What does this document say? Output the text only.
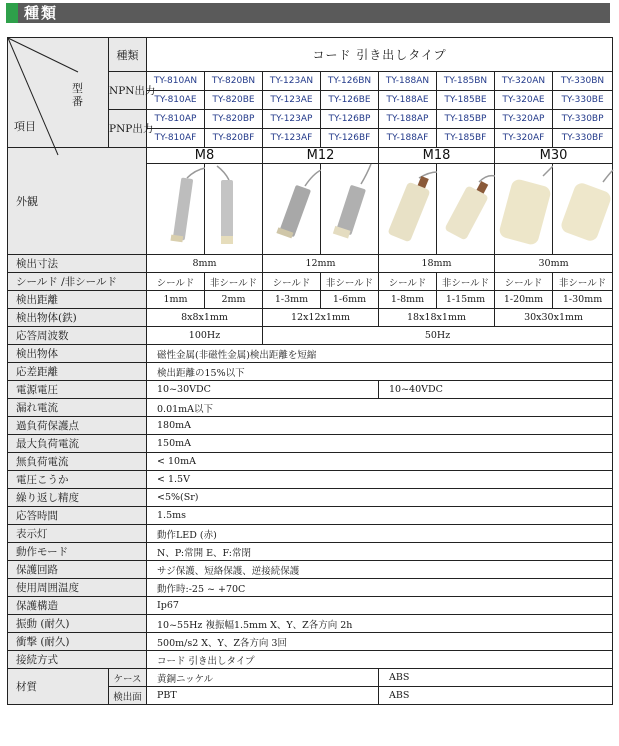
種類
型番
項目	種類	コード 引き出しタイプ							
	NPN出力	TY-810AN	TY-820BN	TY-123AN	TY-126BN	TY-188AN	TY-185BN	TY-320AN	TY-330BN
		TY-810AE	TY-820BE	TY-123AE	TY-126BE	TY-188AE	TY-185BE	TY-320AE	TY-330BE
	PNP出力	TY-810AP	TY-820BP	TY-123AP	TY-126BP	TY-188AP	TY-185BP	TY-320AP	TY-330BP
		TY-810AF	TY-820BF	TY-123AF	TY-126BF	TY-188AF	TY-185BF	TY-320AF	TY-330BF
外観		M8		M12		M18		M30	

検出寸法		8mm		12mm		18mm		30mm	
シールド /非シールド		シールド	非シールド	シールド	非シールド	シールド	非シールド	シールド	非シールド
検出距離		1mm	2mm	1-3mm	1-6mm	1-8mm	1-15mm	1-20mm	1-30mm
検出物体(鉄)		8x8x1mm		12x12x1mm		18x18x1mm		30x30x1mm	
応答周波数		100Hz		50Hz					
検出物体		磁性金属(非磁性金属)検出距離を短縮							
応差距離		検出距離の15%以下							
電源電圧		10~30VDC				10~40VDC			
漏れ電流		0.01mA以下							
過負荷保護点		180mA							
最大負荷電流		150mA							
無負荷電流		< 10mA							
電圧こうか		< 1.5V							
繰り返し精度		<5%(Sr)							
応答時間		1.5ms							
表示灯		動作LED (赤)							
動作モード		N、P:常開 E、F:常閉							
保護回路		サジ保護、短絡保護、逆接続保護							
使用周囲温度		動作時:-25 ~ +70C							
保護構造		Ip67							
振動 (耐久)		10~55Hz 複振幅1.5mm X、Y、Z各方向 2h							
衝撃 (耐久)		500m/s2 X、Y、Z各方向 3回							
接続方式		コード 引き出しタイプ							
材質	ケース	黄銅ニッケル				ABS			
	検出面	PBT				ABS			
